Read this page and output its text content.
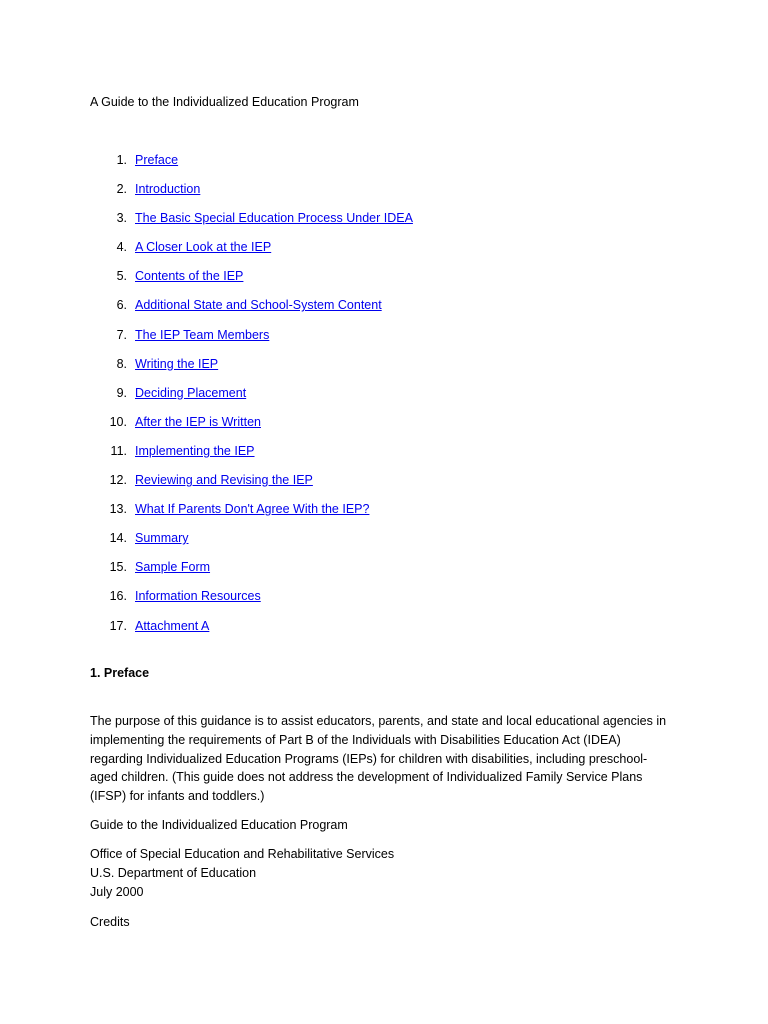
A Guide to the Individualized Education Program
1. Preface
2. Introduction
3. The Basic Special Education Process Under IDEA
4. A Closer Look at the IEP
5. Contents of the IEP
6. Additional State and School-System Content
7. The IEP Team Members
8. Writing the IEP
9. Deciding Placement
10. After the IEP is Written
11. Implementing the IEP
12. Reviewing and Revising the IEP
13. What If Parents Don't Agree With the IEP?
14. Summary
15. Sample Form
16. Information Resources
17. Attachment A
1. Preface

The purpose of this guidance is to assist educators, parents, and state and local educational agencies in
implementing the requirements of Part B of the Individuals with Disabilities Education Act (IDEA)
regarding Individualized Education Programs (IEPs) for children with disabilities, including preschool-
aged children. (This guide does not address the development of Individualized Family Service Plans
(IFSP) for infants and toddlers.)

Guide to the Individualized Education Program

Office of Special Education and Rehabilitative Services
U.S. Department of Education
July 2000

Credits
